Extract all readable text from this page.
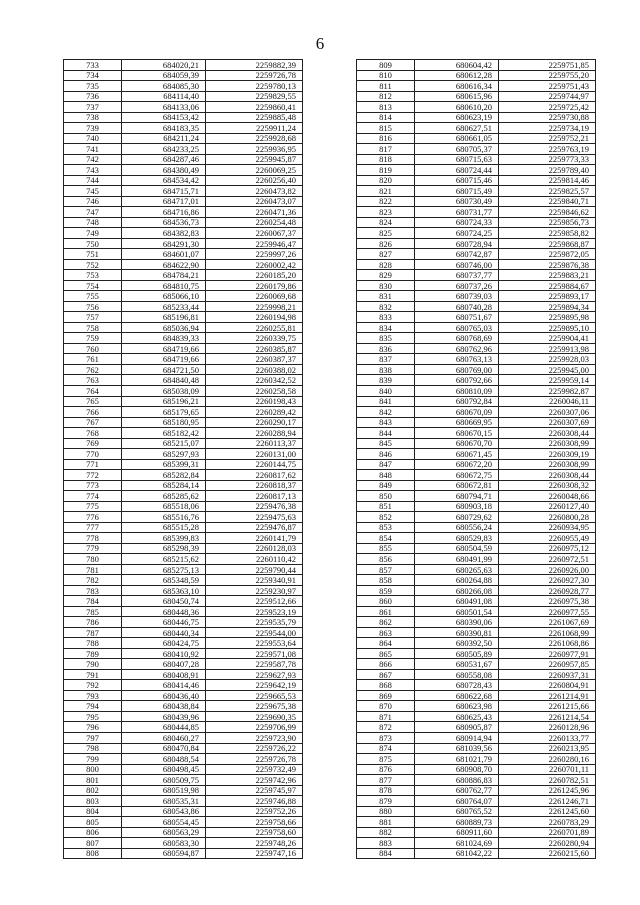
6
733	684020,21	2259882,39
734	684059,39	2259726,78
735	684085,30	2259780,13
736	684114,40	2259829,55
737	684133,06	2259860,41
738	684153,42	2259885,48
739	684183,35	2259911,24
740	684211,24	2259928,68
741	684233,25	2259936,95
742	684287,46	2259945,87
743	684380,49	2260069,25
744	684534,42	2260256,40
745	684715,71	2260473,82
746	684717,01	2260473,07
747	684716,86	2260471,36
748	684536,73	2260254,48
749	684382,83	2260067,37
750	684291,30	2259946,47
751	684601,07	2259997,26
752	684622,90	2260002,42
753	684784,21	2260185,20
754	684810,75	2260179,86
755	685066,10	2260069,68
756	685233,44	2259998,21
757	685196,81	2260194,98
758	685036,94	2260255,81
759	684839,33	2260339,75
760	684719,66	2260385,87
761	684719,66	2260387,37
762	684721,50	2260388,02
763	684840,48	2260342,52
764	685038,09	2260258,58
765	685196,21	2260198,43
766	685179,65	2260289,42
767	685180,95	2260290,17
768	685182,42	2260288,94
769	685215,07	2260113,37
770	685297,93	2260131,00
771	685399,31	2260144,75
772	685282,84	2260817,62
773	685284,14	2260818,37
774	685285,62	2260817,13
775	685518,06	2259476,38
776	685516,76	2259475,63
777	685515,28	2259476,87
778	685399,83	2260141,79
779	685298,39	2260128,03
780	685215,62	2260110,42
781	685275,13	2259790,44
782	685348,59	2259340,91
783	685363,10	2259230,97
784	680450,74	2259512,66
785	680448,36	2259523,19
786	680446,75	2259535,79
787	680440,34	2259544,00
788	680424,75	2259553,64
789	680410,92	2259571,08
790	680407,28	2259587,78
791	680408,91	2259627,93
792	680414,46	2259642,19
793	680436,40	2259665,53
794	680438,84	2259675,38
795	680439,96	2259690,35
796	680444,85	2259706,99
797	680460,27	2259723,90
798	680470,84	2259726,22
799	680488,54	2259726,78
800	680498,45	2259732,49
801	680509,75	2259742,96
802	680519,98	2259745,97
803	680535,31	2259746,88
804	680543,86	2259752,26
805	680554,45	2259758,66
806	680563,29	2259758,60
807	680583,30	2259748,26
808	680594,87	2259747,16
809	680604,42	2259751,85
810	680612,28	2259755,20
811	680616,34	2259751,43
812	680615,96	2259744,97
813	680610,20	2259725,42
814	680623,19	2259730,88
815	680627,51	2259734,19
816	680661,05	2259752,21
817	680705,37	2259763,19
818	680715,63	2259773,33
819	680724,44	2259789,40
820	680715,46	2259814,46
821	680715,49	2259825,57
822	680730,49	2259840,71
823	680731,77	2259846,62
824	680724,33	2259856,73
825	680724,25	2259858,82
826	680728,94	2259868,87
827	680742,87	2259872,05
828	680746,00	2259876,38
829	680737,77	2259883,21
830	680737,26	2259884,67
831	680739,03	2259893,17
832	680740,28	2259894,34
833	680751,67	2259895,98
834	680765,03	2259895,10
835	680768,69	2259904,41
836	680762,96	2259913,98
837	680763,13	2259928,03
838	680769,00	2259945,00
839	680792,66	2259959,14
840	680810,09	2259982,87
841	680792,84	2260046,11
842	680670,09	2260307,06
843	680669,95	2260307,69
844	680670,15	2260308,44
845	680670,70	2260308,99
846	680671,45	2260309,19
847	680672,20	2260308,99
848	680672,75	2260308,44
849	680672,81	2260308,32
850	680794,71	2260048,66
851	680903,18	2260127,40
852	680729,62	2260800,28
853	680556,24	2260934,95
854	680529,83	2260955,49
855	680504,59	2260975,12
856	680491,99	2260972,51
857	680265,63	2260926,00
858	680264,88	2260927,30
859	680266,08	2260928,77
860	680491,08	2260975,38
861	680501,54	2260977,55
862	680390,06	2261067,69
863	680390,81	2261068,99
864	680392,50	2261068,86
865	680505,89	2260977,91
866	680531,67	2260957,85
867	680558,08	2260937,31
868	680728,43	2260804,91
869	680622,68	2261214,91
870	680623,98	2261215,66
871	680625,43	2261214,54
872	680905,87	2260128,96
873	680914,94	2260133,77
874	681039,56	2260213,95
875	681021,79	2260280,16
876	680908,70	2260701,11
877	680886,83	2260782,51
878	680762,77	2261245,96
879	680764,07	2261246,71
880	680765,52	2261245,60
881	680889,73	2260783,29
882	680911,60	2260701,89
883	681024,69	2260280,94
884	681042,22	2260215,60
